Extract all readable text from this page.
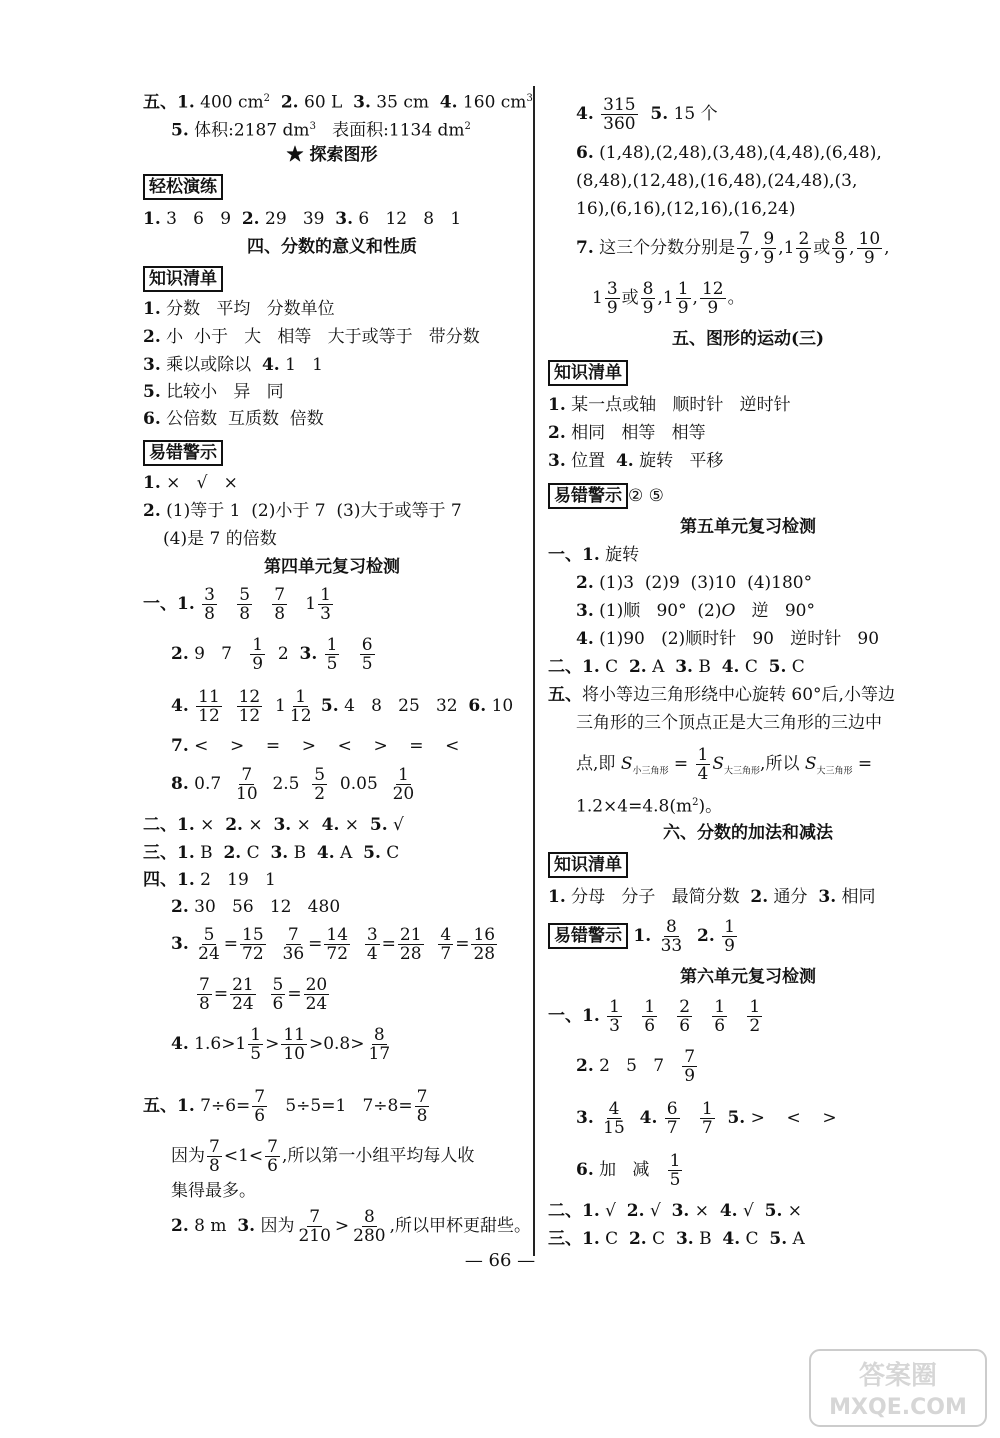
五、1. 400 $cm^2$ 2. 60 L  3. 35 cm  4. 160 $cm^3$
5. 体积:2187 $dm^3$   表面积:1134 $dm^2$
★ 探索图形
轻松演练
1. 3   6   9  2. 29   39  3. 6   12   8   1
四、分数的意义和性质
知识清单
1. 分数   平均   分数单位
2. 小  小于   大   相等   大于或等于   带分数
3. 乘以或除以  4. 1   1
5. 比较小   异   同
6. 公倍数  互质数  倍数
易错警示
1. ×   √   ×
2. (1)等于 1  (2)小于 7  (3)大于或等于 7
(4)是 7 的倍数
第四单元复习检测
一、1. $\frac{3}{8}$
$\frac{5}{8}$
$\frac{7}{8} 1 \frac{1}{3}$
2. 9   $7 \frac{1}{9} 2$  3. $\frac{1}{5}$
$\frac{6}{5}$
4. $\frac{11}{12}$
$\frac{12}{12} 1 \frac{1}{12} 5$. 4   8   25   32  6. 10
7. <    >    =    >    <    >    =    <
8. $0.7 \frac{7}{10} 2.5 \frac{5}{2} 0.05 \frac{1}{20}$
二、1. ×  2. ×  3. ×  4. ×  5. √
三、1. B  2. C  3. B  4. A  5. C
四、1. 2   19   1
2. 30   56   12   480
3. $\frac{5}{24} = \frac{15}{72}$
$\frac{7}{36} = \frac{14}{72}$
$\frac{3}{4} = \frac{21}{28}$
$\frac{4}{7} = \frac{16}{28}$
$\frac{7}{8} = \frac{21}{24}$
$\frac{5}{6} = \frac{20}{24}$
4. $1.6>1 \frac{1}{5} > \frac{11}{10} >0.8> \frac{8}{17}$
五、1. $7\div 6= \frac{7}{6} 5\div 5=1$   $7\div 8= \frac{7}{8}$
因为 $\frac{7}{8} <1< \frac{7}{6}$ ,所以第一小组平均每人收
集得最多。
2. 8 m  3. 因为 $\frac{7}{210} > \frac{8}{280}$ ,所以甲杯更甜些。
4. $\frac{315}{360} 5$. 15 个
6. (1,48),(2,48),(3,48),(4,48),(6,48),
(8,48),(12,48),(16,48),(24,48),(3,
16),(6,16),(12,16),(16,24)
7. 这三个分数分别是 $\frac{7}{9}$ , $\frac{9}{9} ,1 \frac{2}{9}$ 或 $\frac{8}{9}$ , $\frac{10}{9}$ ,
$1 \frac{3}{9}$ 或 $\frac{8}{9} ,1 \frac{1}{9}$ , $\frac{12}{9}$ 。
五、图形的运动(三)
知识清单
1. 某一点或轴   顺时针   逆时针
2. 相同   相等   相等
3. 位置  4. 旋转   平移
易错警示 ② ⑤
第五单元复习检测
一、1. 旋转
2. (1)3  (2)9  (3)10  (4)180°
3. (1)顺   90°  (2)O   逆   90°
4. (1)90   (2)顺时针   90   逆时针   90
二、1. C  2. A  3. B  4. C  5. C
五、将小等边三角形绕中心旋转 60°后,小等边
三角形的三个顶点正是大三角形的三边中
点,即 $S_{小三角形} = \frac{1}{4} S_{大三角形}$,所以 $S_{大三角形}$ =
$1.2\times 4=4.8(m^2)$。
六、分数的加法和减法
知识清单
1. 分母   分子   最简分数  2. 通分  3. 相同
易错警示 1. $\frac{8}{33} 2$. $\frac{1}{9}$
第六单元复习检测
一、1. $\frac{1}{3}$
$\frac{1}{6}$
$\frac{2}{6}$
$\frac{1}{6}$
$\frac{1}{2}$
2. 2   5   $7 \frac{7}{9}$
3. $\frac{4}{15} 4$. $\frac{6}{7}$
$\frac{1}{7} 5$. >    <    >
6. 加   减 $\frac{1}{5}$
二、1. √  2. √  3. ×  4. √  5. ×
三、1. C  2. C  3. B  4. C  5. A
— 66 —
答案圈
MXQE.COM
